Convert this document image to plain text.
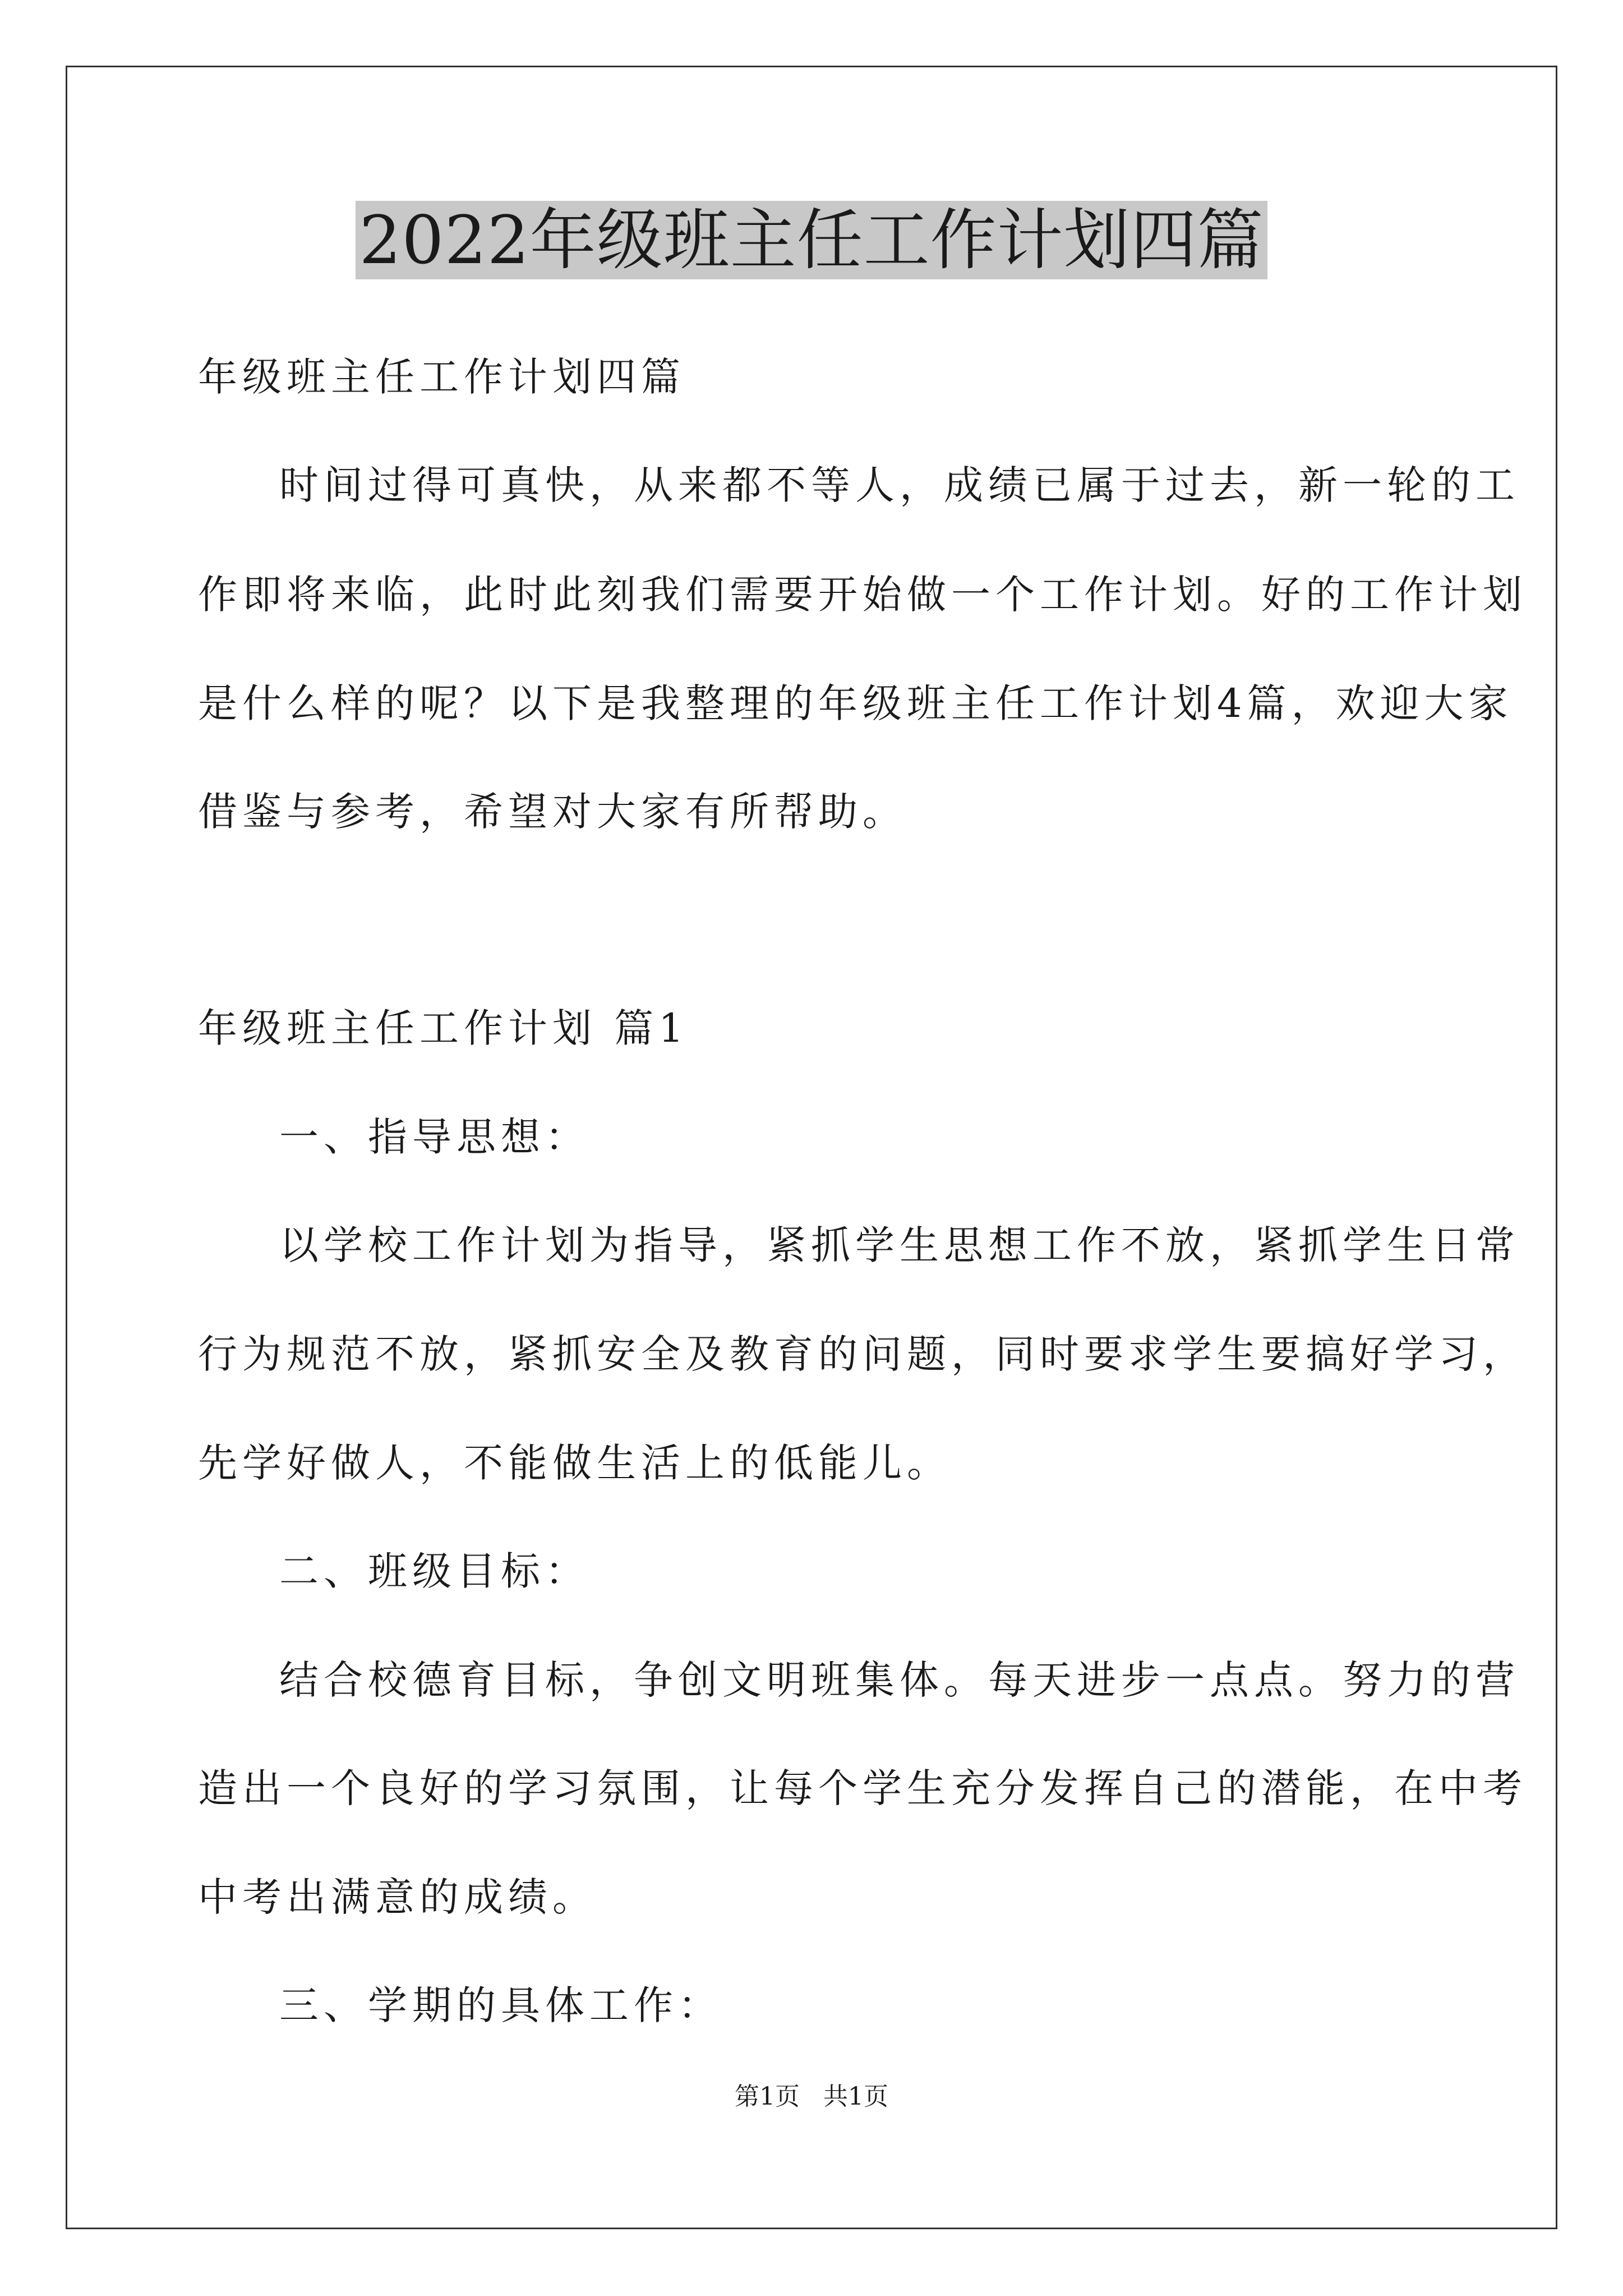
2022年级班主任工作计划四篇
年级班主任工作计划四篇
时间过得可真快，从来都不等人，成绩已属于过去，新一轮的工
作即将来临，此时此刻我们需要开始做一个工作计划。好的工作计划
是什么样的呢？以下是我整理的年级班主任工作计划4篇，欢迎大家
借鉴与参考，希望对大家有所帮助。
年级班主任工作计划 篇1
一、指导思想：
以学校工作计划为指导，紧抓学生思想工作不放，紧抓学生日常
行为规范不放，紧抓安全及教育的问题，同时要求学生要搞好学习，
先学好做人，不能做生活上的低能儿。
二、班级目标：
结合校德育目标，争创文明班集体。每天进步一点点。努力的营
造出一个良好的学习氛围，让每个学生充分发挥自己的潜能，在中考
中考出满意的成绩。
三、学期的具体工作：
第1页   共1页
